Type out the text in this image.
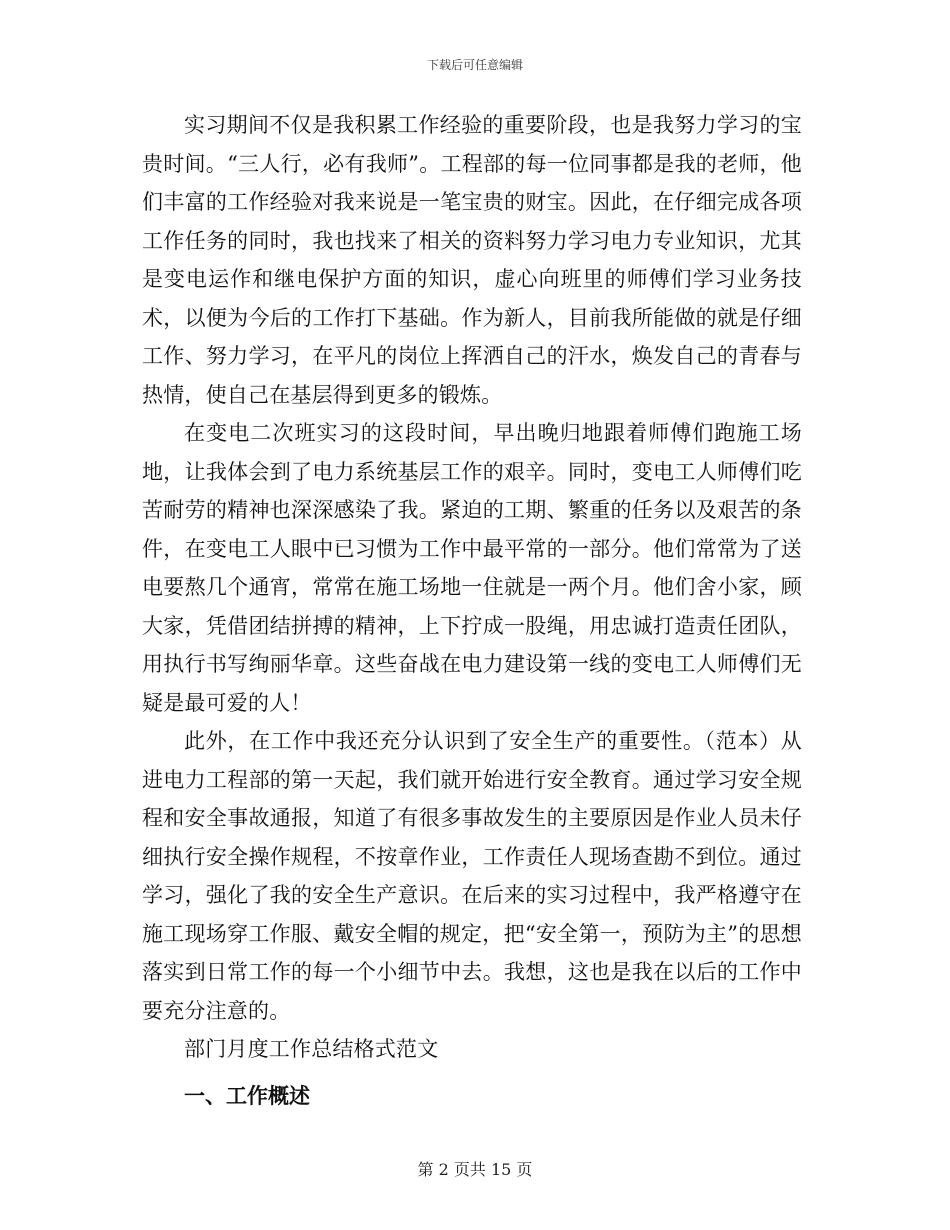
下载后可任意编辑

实习期间不仅是我积累工作经验的重要阶段，也是我努力学习的宝贵时间。“三人行，必有我师”。工程部的每一位同事都是我的老师，他们丰富的工作经验对我来说是一笔宝贵的财宝。因此，在仔细完成各项工作任务的同时，我也找来了相关的资料努力学习电力专业知识，尤其是变电运作和继电保护方面的知识，虚心向班里的师傅们学习业务技术，以便为今后的工作打下基础。作为新人，目前我所能做的就是仔细工作、努力学习，在平凡的岗位上挥洒自己的汗水，焕发自己的青春与热情，使自己在基层得到更多的锻炼。

在变电二次班实习的这段时间，早出晚归地跟着师傅们跑施工场地，让我体会到了电力系统基层工作的艰辛。同时，变电工人师傅们吃苦耐劳的精神也深深感染了我。紧迫的工期、繁重的任务以及艰苦的条件，在变电工人眼中已习惯为工作中最平常的一部分。他们常常为了送电要熬几个通宵，常常在施工场地一住就是一两个月。他们舍小家，顾大家，凭借团结拼搏的精神，上下拧成一股绳，用忠诚打造责任团队，用执行书写绚丽华章。这些奋战在电力建设第一线的变电工人师傅们无疑是最可爱的人！

此外，在工作中我还充分认识到了安全生产的重要性。（范本）从进电力工程部的第一天起，我们就开始进行安全教育。通过学习安全规程和安全事故通报，知道了有很多事故发生的主要原因是作业人员未仔细执行安全操作规程，不按章作业，工作责任人现场查勘不到位。通过学习，强化了我的安全生产意识。在后来的实习过程中，我严格遵守在施工现场穿工作服、戴安全帽的规定，把“安全第一，预防为主”的思想落实到日常工作的每一个小细节中去。我想，这也是我在以后的工作中要充分注意的。

部门月度工作总结格式范文

一、工作概述

第 2 页共 15 页
